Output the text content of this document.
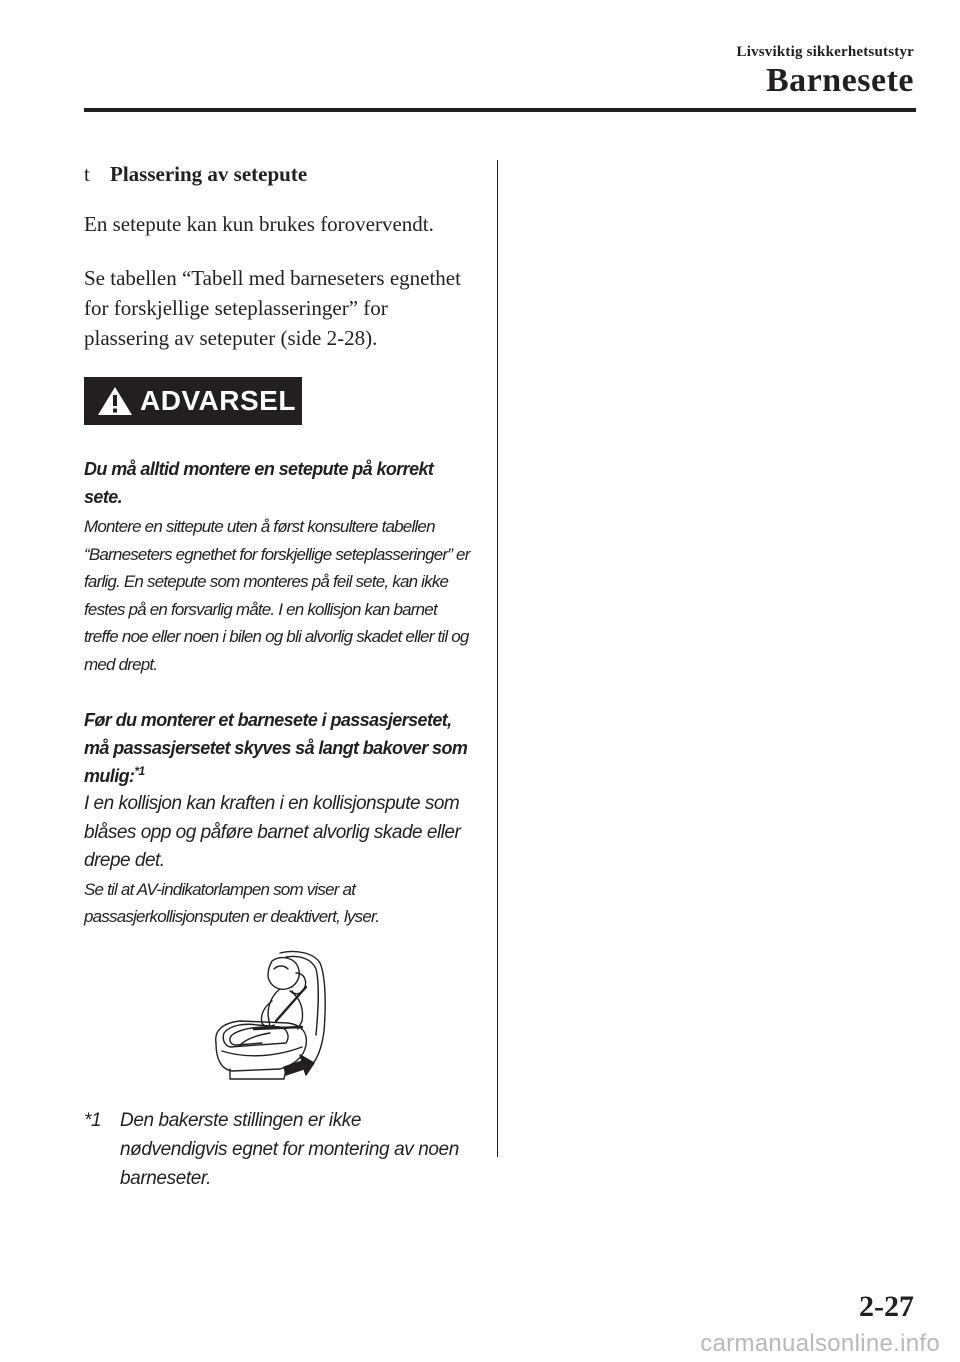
Livsviktig sikkerhetsutstyr
Barnesete
t Plassering av setepute

En setepute kan kun brukes forovervendt.

Se tabellen “Tabell med barneseters egnethet for forskjellige seteplasseringer” for plassering av seteputer (side 2-28).

ADVARSEL

Du må alltid montere en setepute på korrekt sete.

Montere en sittepute uten å først konsultere tabellen “Barneseters egnethet for forskjellige seteplasseringer” er farlig. En setepute som monteres på feil sete, kan ikke festes på en forsvarlig måte. I en kollisjon kan barnet treffe noe eller noen i bilen og bli alvorlig skadet eller til og med drept.

Før du monterer et barnesete i passasjersetet, må passasjersetet skyves så langt bakover som mulig:$^{*1}$

I en kollisjon kan kraften i en kollisjonspute som blåses opp og påføre barnet alvorlig skade eller drepe det.

Se til at AV-indikatorlampen som viser at passasjerkollisjonsputen er deaktivert, lyser.

*1 Den bakerste stillingen er ikke nødvendigvis egnet for montering av noen barneseter.
2-27
carmanualsonline.info
